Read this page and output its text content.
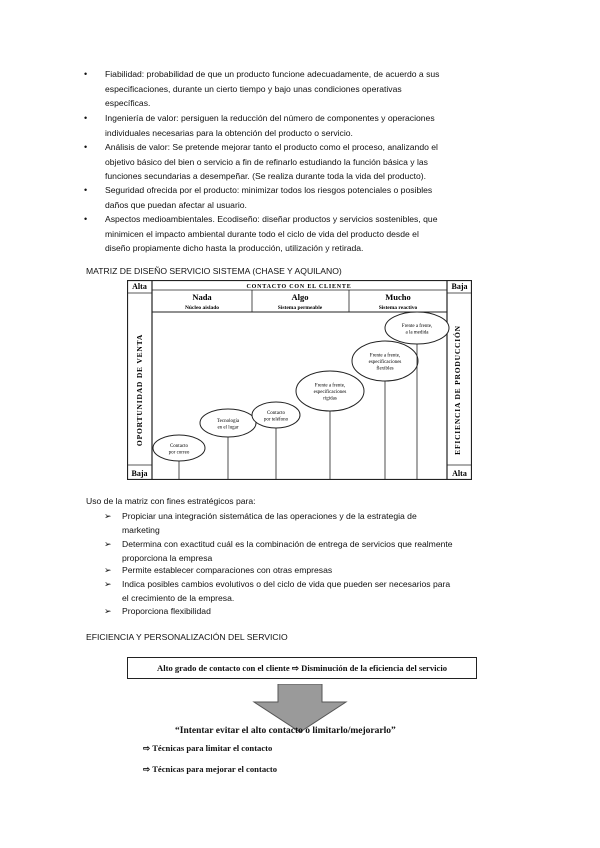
• Fiabilidad: probabilidad de que un producto funcione adecuadamente, de acuerdo a sus
especificaciones, durante un cierto tiempo y bajo unas condiciones operativas
específicas.
• Ingeniería de valor: persiguen la reducción del número de componentes y operaciones
individuales necesarias para la obtención del producto o servicio.
• Análisis de valor: Se pretende mejorar tanto el producto como el proceso, analizando el
objetivo básico del bien o servicio a fin de refinarlo estudiando la función básica y las
funciones secundarias a desempeñar. (Se realiza durante toda la vida del producto).
• Seguridad ofrecida por el producto: minimizar todos los riesgos potenciales o posibles
daños que puedan afectar al usuario.
• Aspectos medioambientales. Ecodiseño: diseñar productos y servicios sostenibles, que
minimicen el impacto ambiental durante todo el ciclo de vida del producto desde el
diseño propiamente dicho hasta la producción, utilización y retirada.
MATRIZ DE DISEÑO SERVICIO SISTEMA (CHASE Y AQUILANO)
Alta	Baja
Baja	Alta
CONTACTO CON EL CLIENTE
Nada
Núcleo aislado
Algo
Sistema permeable
Mucho
Sistema reactivo
OPORTUNIDAD DE VENTA	EFICIENCIA DE PRODUCCIÓN
Contacto
por correo
Tecnología
en el lugar
Contacto
por teléfono
Frente a frente,
especificaciones
rígidas
Frente a frente,
especificaciones
flexibles
Frente a frente,
a la medida
Uso de la matriz con fines estratégicos para:
➢ Propiciar una integración sistemática de las operaciones y de la estrategia de
marketing
➢ Determina con exactitud cuál es la combinación de entrega de servicios que realmente
proporciona la empresa
➢ Permite establecer comparaciones con otras empresas
➢ Indica posibles cambios evolutivos o del ciclo de vida que pueden ser necesarios para
el crecimiento de la empresa.
➢ Proporciona flexibilidad
EFICIENCIA Y PERSONALIZACIÓN DEL SERVICIO
Alto grado de contacto con el cliente ⇨ Disminución de la eficiencia del servicio
“Intentar evitar el alto contacto o limitarlo/mejorarlo”
⇨ Técnicas para limitar el contacto
⇨ Técnicas para mejorar el contacto
